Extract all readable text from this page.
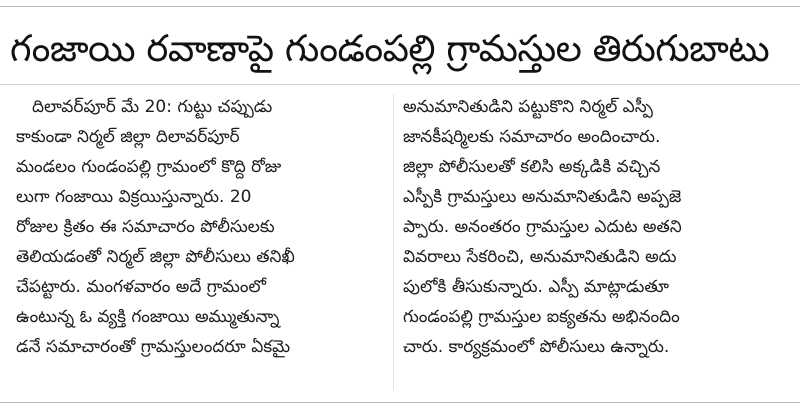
గంజాయి రవాణాపై గుండంపల్లి గ్రామస్తుల తిరుగుబాటు
దిలావర్‌పూర్‌ మే 20: గుట్టు చప్పుడు
కాకుండా నిర్మల్‌ జిల్లా దిలావర్‌పూర్‌
మండలం గుండంపల్లి గ్రామంలో కొద్ది రోజు
లుగా గంజాయి విక్రయిస్తున్నారు. 20
రోజుల క్రితం ఈ సమాచారం పోలీసులకు
తెలియడంతో నిర్మల్‌ జిల్లా పోలీసులు తనిఖీ
చేపట్టారు. మంగళవారం అదే గ్రామంలో
ఉంటున్న ఓ వ్యక్తి గంజాయి అమ్ముతున్నా
డనే సమాచారంతో గ్రామస్తులందరూ ఏకమై
అనుమానితుడిని పట్టుకొని నిర్మల్‌ ఎస్పీ
జానకీషర్మిలకు సమాచారం అందించారు.
జిల్లా పోలీసులతో కలిసి అక్కడికి వచ్చిన
ఎస్పీకి గ్రామస్తులు అనుమానితుడిని అప్పజె
ప్పారు. అనంతరం గ్రామస్తుల ఎదుట అతని
వివరాలు సేకరించి, అనుమానితుడిని అదు
పులోకి తీసుకున్నారు. ఎస్పీ మాట్లాడుతూ
గుండంపల్లి గ్రామస్తుల ఐక్యతను అభినందిం
చారు. కార్యక్రమంలో పోలీసులు ఉన్నారు.
